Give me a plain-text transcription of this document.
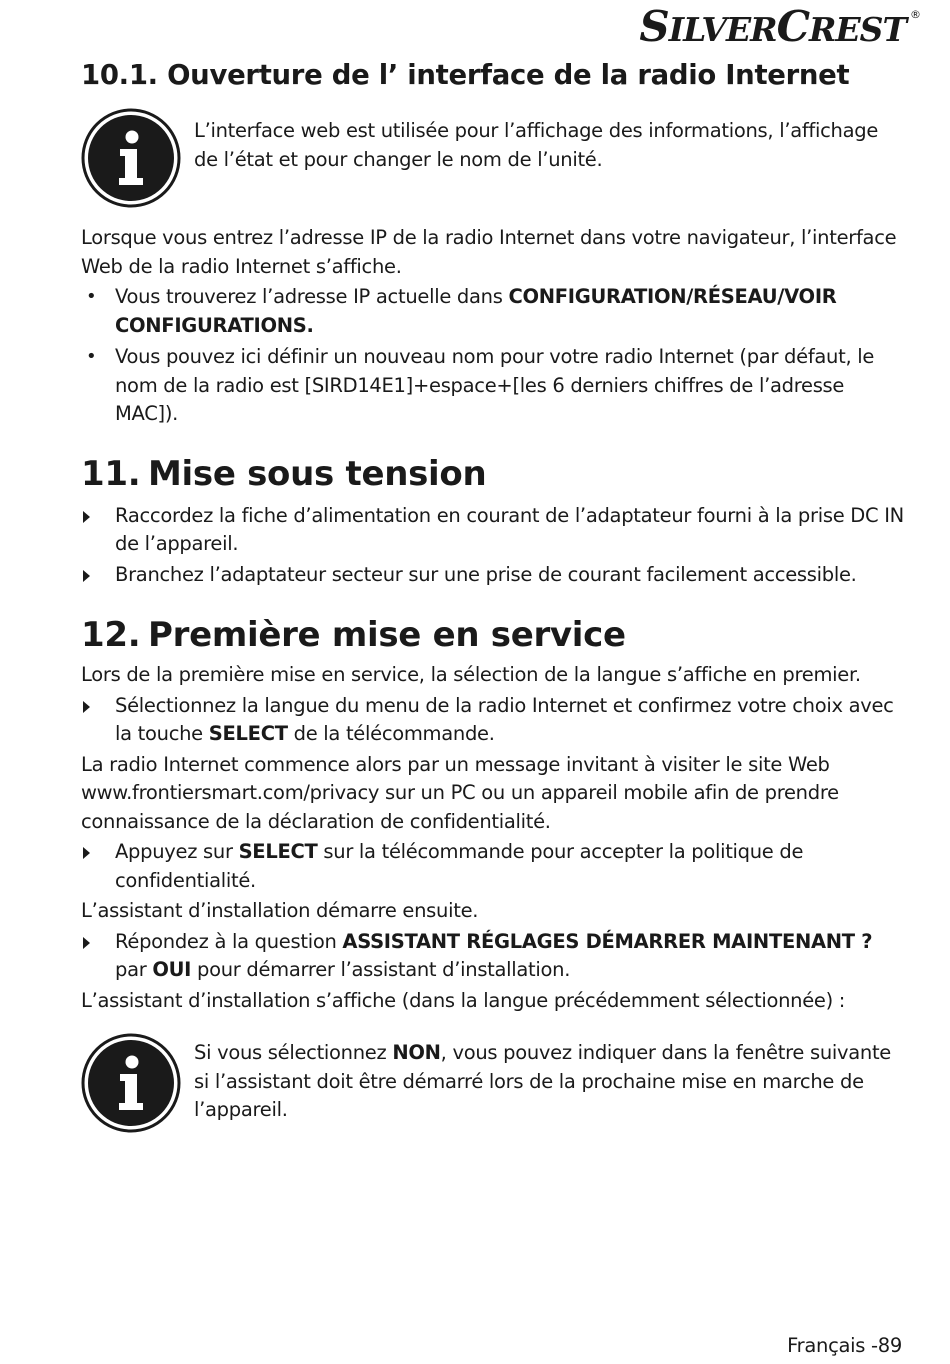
SILVERCREST ®
10.1. Ouverture de l’ interface de la radio Internet

L’interface web est utilisée pour l’affichage des informations, l’affichage de l’état et pour changer le nom de l’unité.

Lorsque vous entrez l’adresse IP de la radio Internet dans votre navigateur, l’interface Web de la radio Internet s’affiche.

• Vous trouverez l’adresse IP actuelle dans CONFIGURATION/RÉSEAU/VOIR CONFIGURATIONS.
• Vous pouvez ici définir un nouveau nom pour votre radio Internet (par défaut, le nom de la radio est [SIRD14E1]+espace+[les 6 derniers chiffres de l’adresse MAC]).
11. Mise sous tension
Raccordez la fiche d’alimentation en courant de l’adaptateur fourni à la prise DC IN de l’appareil.
Branchez l’adaptateur secteur sur une prise de courant facilement accessible.
12. Première mise en service

Lors de la première mise en service, la sélection de la langue s’affiche en premier.

Sélectionnez la langue du menu de la radio Internet et confirmez votre choix avec la touche SELECT de la télécommande.

La radio Internet commence alors par un message invitant à visiter le site Web www.frontiersmart.com/privacy sur un PC ou un appareil mobile afin de prendre connaissance de la déclaration de confidentialité.

Appuyez sur SELECT sur la télécommande pour accepter la politique de confidentialité.

L’assistant d’installation démarre ensuite.

Répondez à la question ASSISTANT RÉGLAGES DÉMARRER MAINTENANT ? par OUI pour démarrer l’assistant d’installation.

L’assistant d’installation s’affiche (dans la langue précédemment sélectionnée) :

Si vous sélectionnez NON, vous pouvez indiquer dans la fenêtre suivante si l’assistant doit être démarré lors de la prochaine mise en marche de l’appareil.

Français -89
